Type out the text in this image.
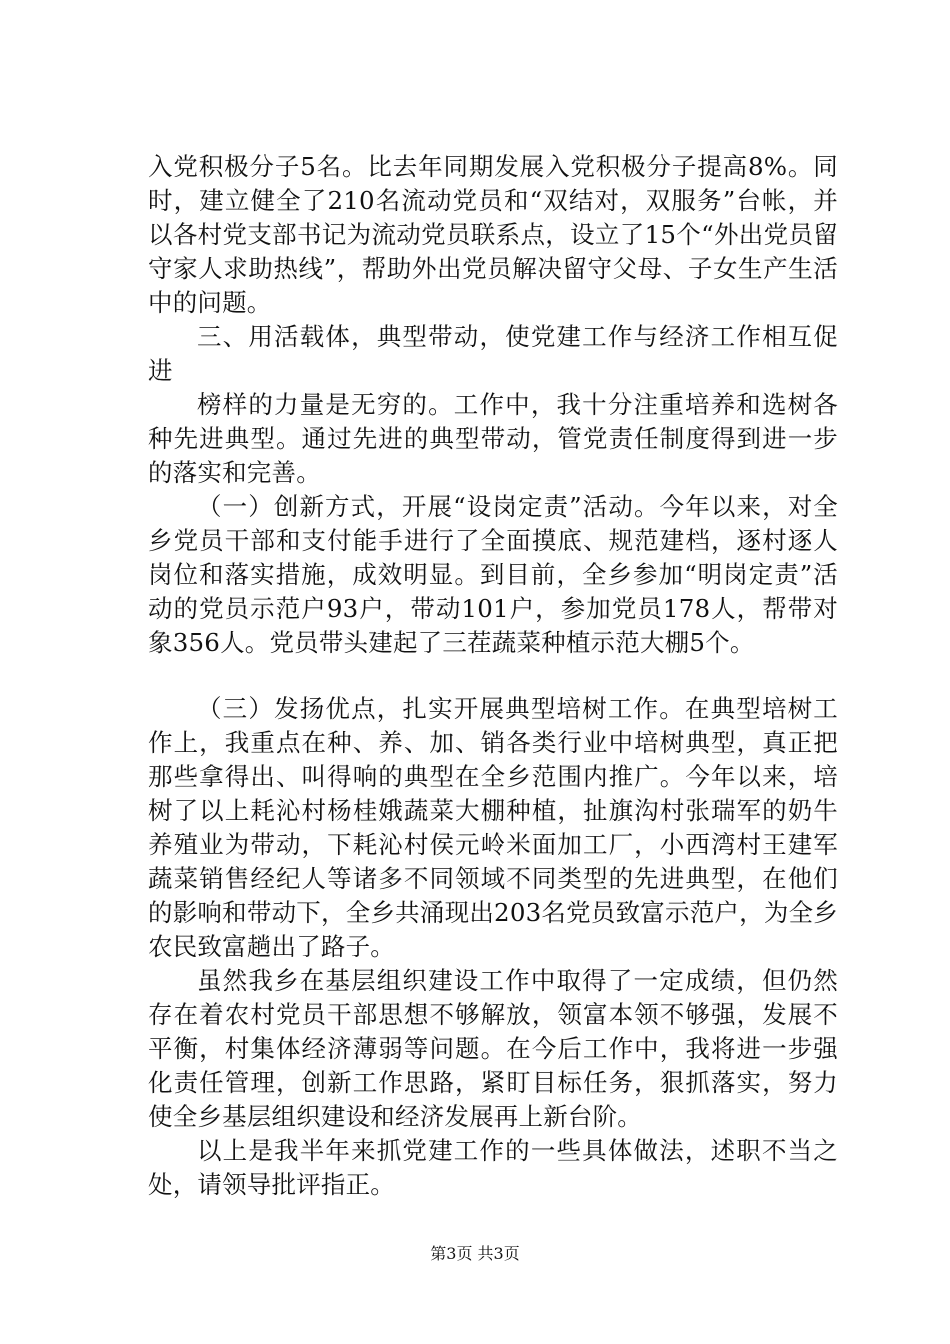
入党积极分子5名。比去年同期发展入党积极分子提高8%。同时，建立健全了210名流动党员和“双结对，双服务”台帐，并以各村党支部书记为流动党员联系点，设立了15个“外出党员留守家人求助热线”，帮助外出党员解决留守父母、子女生产生活中的问题。

三、用活载体，典型带动，使党建工作与经济工作相互促进

榜样的力量是无穷的。工作中，我十分注重培养和选树各种先进典型。通过先进的典型带动，管党责任制度得到进一步的落实和完善。

（一）创新方式，开展“设岗定责”活动。今年以来，对全乡党员干部和支付能手进行了全面摸底、规范建档，逐村逐人岗位和落实措施，成效明显。到目前，全乡参加“明岗定责”活动的党员示范户93户，带动101户，参加党员178人，帮带对象356人。党员带头建起了三茬蔬菜种植示范大棚5个。

（三）发扬优点，扎实开展典型培树工作。在典型培树工作上，我重点在种、养、加、销各类行业中培树典型，真正把那些拿得出、叫得响的典型在全乡范围内推广。今年以来，培树了以上耗沁村杨桂娥蔬菜大棚种植，扯旗沟村张瑞军的奶牛养殖业为带动，下耗沁村侯元岭米面加工厂，小西湾村王建军蔬菜销售经纪人等诸多不同领域不同类型的先进典型，在他们的影响和带动下，全乡共涌现出203名党员致富示范户，为全乡农民致富趟出了路子。

虽然我乡在基层组织建设工作中取得了一定成绩，但仍然存在着农村党员干部思想不够解放，领富本领不够强，发展不平衡，村集体经济薄弱等问题。在今后工作中，我将进一步强化责任管理，创新工作思路，紧盯目标任务，狠抓落实，努力使全乡基层组织建设和经济发展再上新台阶。

以上是我半年来抓党建工作的一些具体做法，述职不当之处，请领导批评指正。

第3页 共3页
